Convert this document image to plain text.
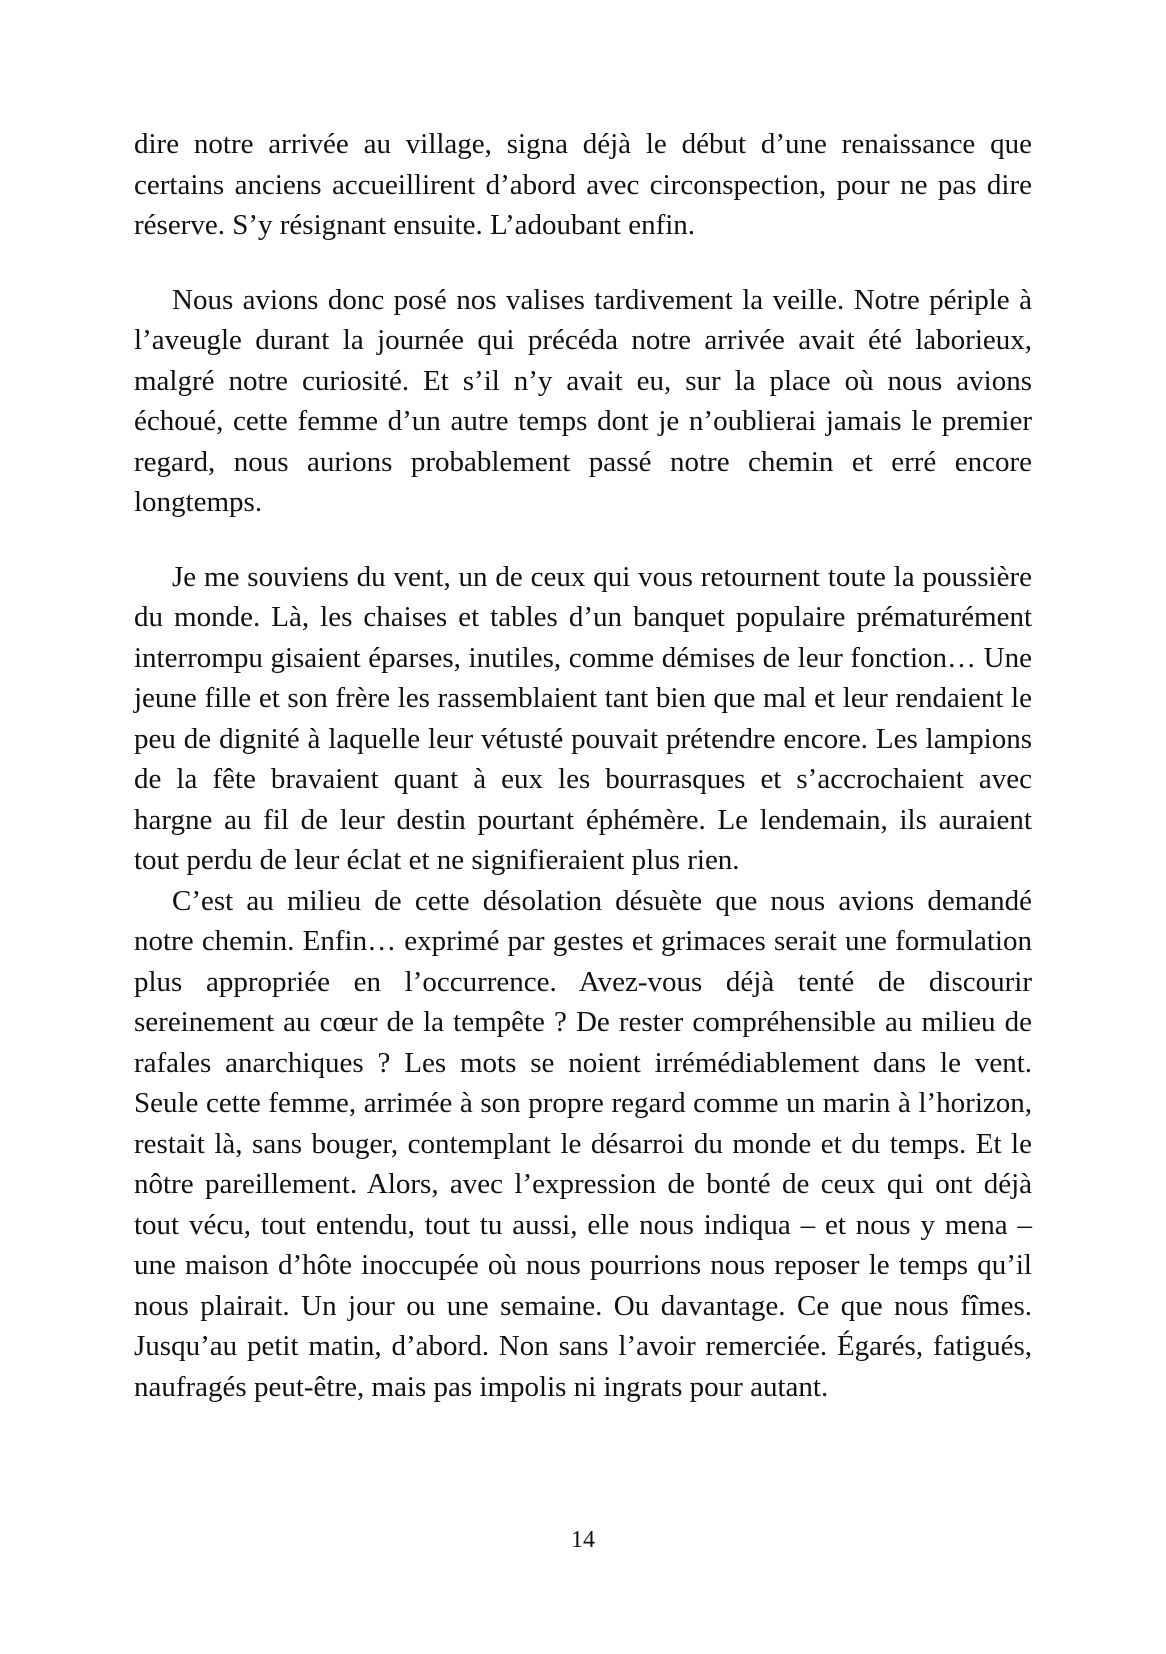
dire notre arrivée au village, signa déjà le début d’une renaissance que certains anciens accueillirent d’abord avec circonspection, pour ne pas dire réserve. S’y résignant ensuite. L’adoubant enfin.

Nous avions donc posé nos valises tardivement la veille. Notre périple à l’aveugle durant la journée qui précéda notre arrivée avait été laborieux, malgré notre curiosité. Et s’il n’y avait eu, sur la place où nous avions échoué, cette femme d’un autre temps dont je n’oublierai jamais le premier regard, nous aurions probablement passé notre chemin et erré encore longtemps.

Je me souviens du vent, un de ceux qui vous retournent toute la poussière du monde. Là, les chaises et tables d’un banquet populaire prématurément interrompu gisaient éparses, inutiles, comme démises de leur fonction… Une jeune fille et son frère les rassemblaient tant bien que mal et leur rendaient le peu de dignité à laquelle leur vétusté pouvait prétendre encore. Les lampions de la fête bravaient quant à eux les bourrasques et s’accrochaient avec hargne au fil de leur destin pourtant éphémère. Le lendemain, ils auraient tout perdu de leur éclat et ne signifieraient plus rien.

C’est au milieu de cette désolation désuète que nous avions demandé notre chemin. Enfin… exprimé par gestes et grimaces serait une formulation plus appropriée en l’occurrence. Avez-vous déjà tenté de discourir sereinement au cœur de la tempête ? De rester compréhensible au milieu de rafales anarchiques ? Les mots se noient irrémédiablement dans le vent. Seule cette femme, arrimée à son propre regard comme un marin à l’horizon, restait là, sans bouger, contemplant le désarroi du monde et du temps. Et le nôtre pareillement. Alors, avec l’expression de bonté de ceux qui ont déjà tout vécu, tout entendu, tout tu aussi, elle nous indiqua – et nous y mena – une maison d’hôte inoccupée où nous pourrions nous reposer le temps qu’il nous plairait. Un jour ou une semaine. Ou davantage. Ce que nous fîmes. Jusqu’au petit matin, d’abord. Non sans l’avoir remerciée. Égarés, fatigués, naufragés peut-être, mais pas impolis ni ingrats pour autant.

14
